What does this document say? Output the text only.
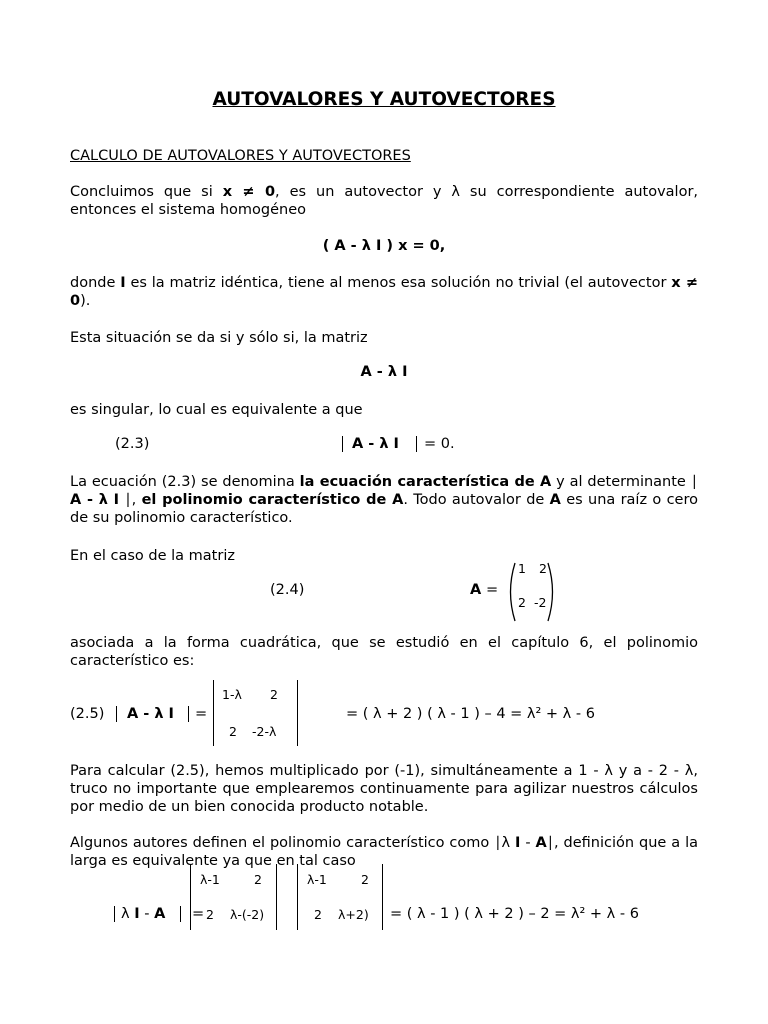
AUTOVALORES Y AUTOVECTORES
CALCULO DE AUTOVALORES Y AUTOVECTORES
Concluimos que si x ≠ 0, es un autovector y λ su correspondiente autovalor, entonces el sistema homogéneo
( A - λ I ) x = 0,
donde I es la matriz idéntica, tiene al menos esa solución no trivial (el autovector x ≠ 0).
Esta situación se da si y sólo si, la matriz
A - λ I
es singular, lo cual es equivalente a que
(2.3)	A - λ I = 0.
La ecuación (2.3) se denomina la ecuación característica de A y al determinante ∣ A - λ I ∣, el polinomio característico de A. Todo autovalor de A es una raíz o cero de su polinomio característico.
En el caso de la matriz
(2.4)	A =
1 2
2 -2
asociada a la forma cuadrática, que se estudió en el capítulo 6, el polinomio característico es:
(2.5) A - λ I =
1-λ 2
2 -2-λ
= ( λ + 2 ) ( λ - 1 ) – 4 = λ² + λ - 6
Para calcular (2.5), hemos multiplicado por (-1), simultáneamente a 1 - λ y a - 2 - λ, truco no importante que emplearemos continuamente para agilizar nuestros cálculos por medio de un bien conocida producto notable.
Algunos autores definen el polinomio característico como ∣λ I - A∣, definición que a la larga es equivalente ya que en tal caso
λ I - A =
λ-1	2
2 λ-(-2)
λ-1	2
2 λ+2) = ( λ - 1 ) ( λ + 2 ) – 2 = λ² + λ - 6
